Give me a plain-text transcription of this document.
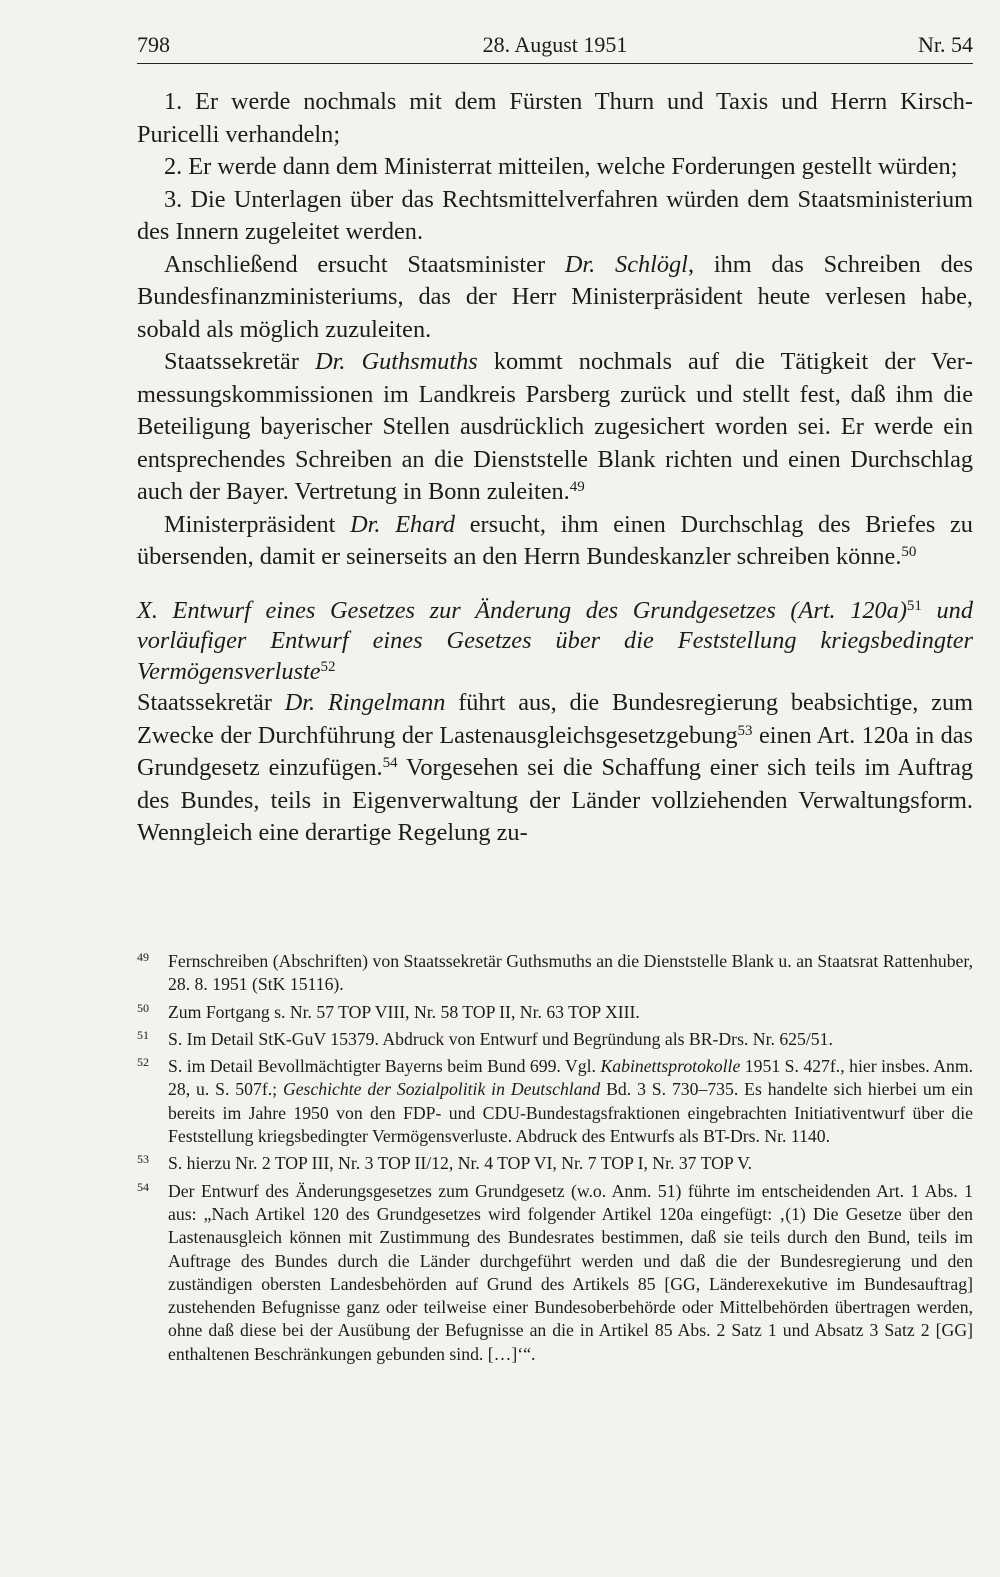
798	28. August 1951	Nr. 54

1. Er werde nochmals mit dem Fürsten Thurn und Taxis und Herrn Kirsch-Puricelli verhandeln;

2. Er werde dann dem Ministerrat mitteilen, welche Forderungen gestellt würden;

3. Die Unterlagen über das Rechtsmittelverfahren würden dem Staatsministerium des Innern zugeleitet werden.

Anschließend ersucht Staatsminister Dr. Schlögl, ihm das Schreiben des Bundesfinanzministeriums, das der Herr Ministerpräsident heute verlesen habe, sobald als möglich zuzuleiten.

Staatssekretär Dr. Guthsmuths kommt nochmals auf die Tätigkeit der Vermessungskommissionen im Landkreis Parsberg zurück und stellt fest, daß ihm die Beteiligung bayerischer Stellen ausdrücklich zugesichert worden sei. Er werde ein entsprechendes Schreiben an die Dienststelle Blank richten und einen Durchschlag auch der Bayer. Vertretung in Bonn zuleiten.$^{49}$

Ministerpräsident Dr. Ehard ersucht, ihm einen Durchschlag des Briefes zu übersenden, damit er seinerseits an den Herrn Bundeskanzler schreiben könne.$^{50}$

X. Entwurf eines Gesetzes zur Änderung des Grundgesetzes (Art. 120a)$^{51}$ und vorläufiger Entwurf eines Gesetzes über die Feststellung kriegsbedingter Vermögensverluste$^{52}$

Staatssekretär Dr. Ringelmann führt aus, die Bundesregierung beabsichtige, zum Zwecke der Durchführung der Lastenausgleichsgesetzgebung$^{53}$ einen Art. 120a in das Grundgesetz einzufügen.$^{54}$ Vorgesehen sei die Schaffung einer sich teils im Auftrag des Bundes, teils in Eigenverwaltung der Länder vollziehenden Verwaltungsform. Wenngleich eine derartige Regelung zu-

49 Fernschreiben (Abschriften) von Staatssekretär Guthsmuths an die Dienststelle Blank u. an Staatsrat Rattenhuber, 28. 8. 1951 (StK 15116).
50 Zum Fortgang s. Nr. 57 TOP VIII, Nr. 58 TOP II, Nr. 63 TOP XIII.
51 S. Im Detail StK-GuV 15379. Abdruck von Entwurf und Begründung als BR-Drs. Nr. 625/51.
52 S. im Detail Bevollmächtigter Bayerns beim Bund 699. Vgl. Kabinettsprotokolle 1951 S. 427f., hier insbes. Anm. 28, u. S. 507f.; Geschichte der Sozialpolitik in Deutschland Bd. 3 S. 730–735. Es handelte sich hierbei um ein bereits im Jahre 1950 von den FDP- und CDU-Bundestagsfraktionen eingebrachten Initiativentwurf über die Feststellung kriegsbedingter Vermögensverluste. Abdruck des Entwurfs als BT-Drs. Nr. 1140.
53 S. hierzu Nr. 2 TOP III, Nr. 3 TOP II/12, Nr. 4 TOP VI, Nr. 7 TOP I, Nr. 37 TOP V.
54 Der Entwurf des Änderungsgesetzes zum Grundgesetz (w.o. Anm. 51) führte im entscheidenden Art. 1 Abs. 1 aus: „Nach Artikel 120 des Grundgesetzes wird folgender Artikel 120a eingefügt: ‚(1) Die Gesetze über den Lastenausgleich können mit Zustimmung des Bundesrates bestimmen, daß sie teils durch den Bund, teils im Auftrage des Bundes durch die Länder durchgeführt werden und daß die der Bundesregierung und den zuständigen obersten Landesbehörden auf Grund des Artikels 85 [GG, Länderexekutive im Bundesauftrag] zustehenden Befugnisse ganz oder teilweise einer Bundesoberbehörde oder Mittelbehörden übertragen werden, ohne daß diese bei der Ausübung der Befugnisse an die in Artikel 85 Abs. 2 Satz 1 und Absatz 3 Satz 2 [GG] enthaltenen Beschränkungen gebunden sind. […]‘“.
